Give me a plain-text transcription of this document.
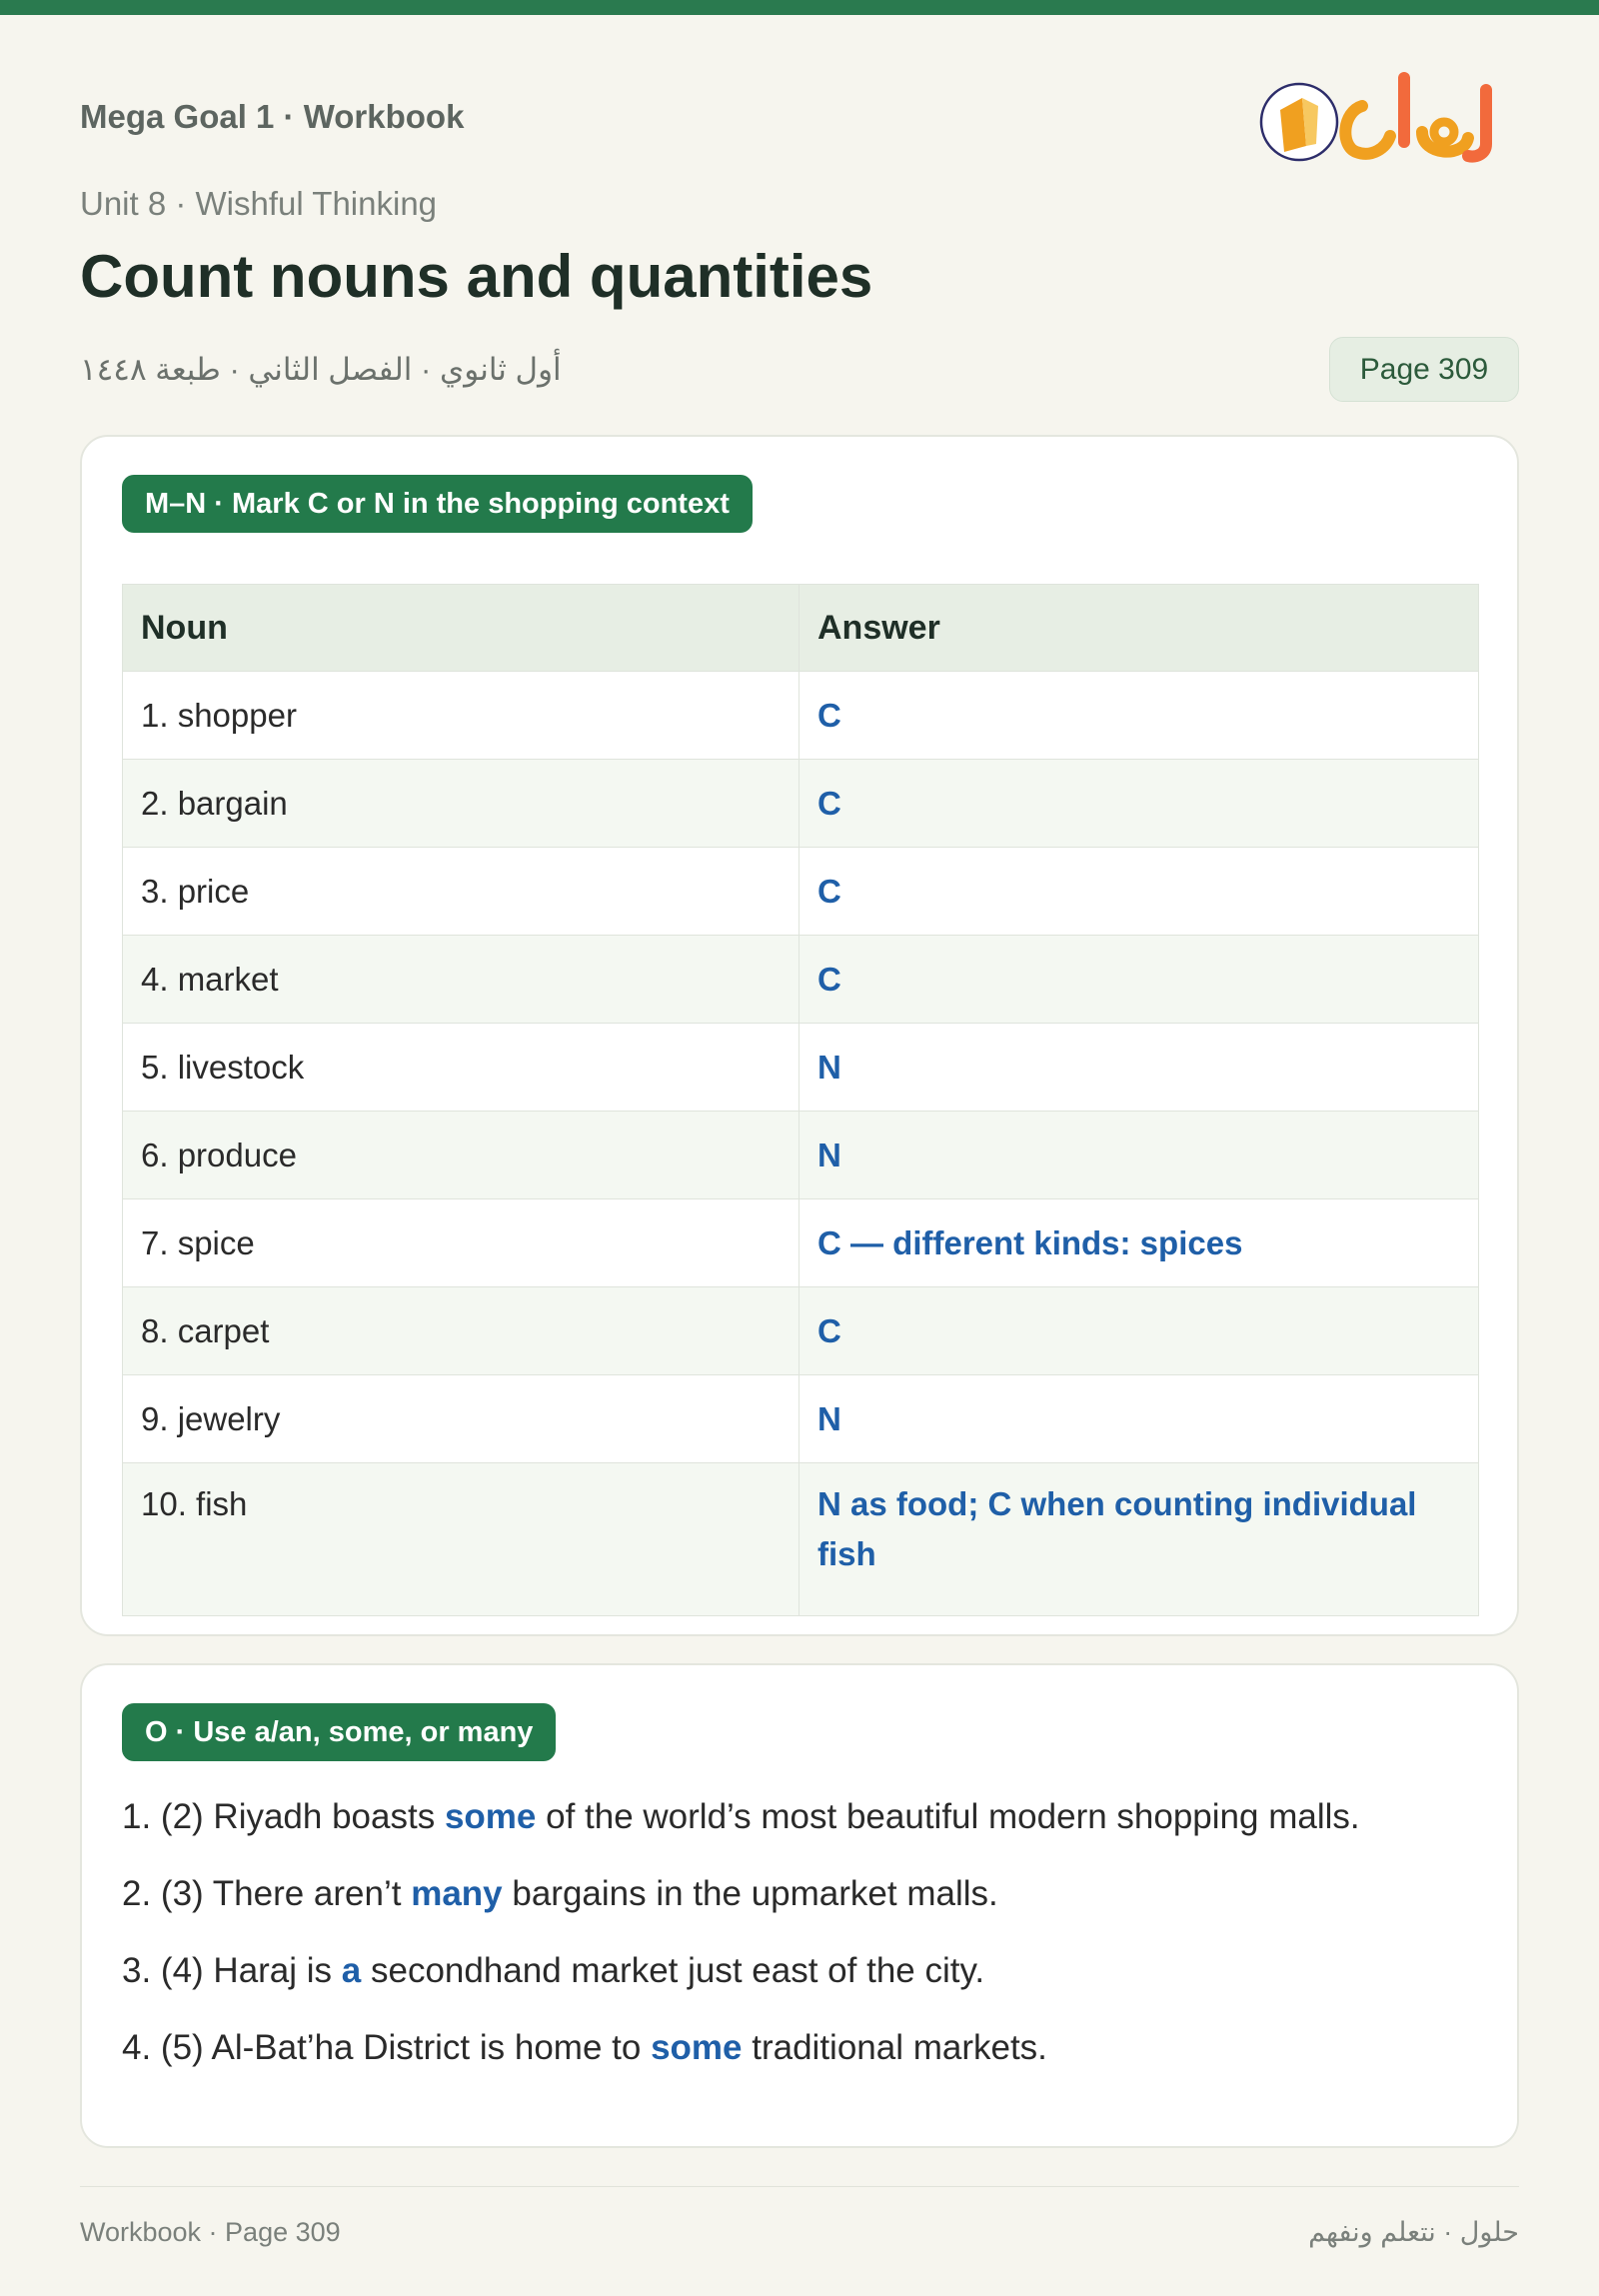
Mega Goal 1 · Workbook
Unit 8 · Wishful Thinking
Count nouns and quantities
أول ثانوي · الفصل الثاني · طبعة ١٤٤٨	Page 309
M–N · Mark C or N in the shopping context
Noun	Answer
1. shopper	C
2. bargain	C
3. price	C
4. market	C
5. livestock	N
6. produce	N
7. spice	C — different kinds: spices
8. carpet	C
9. jewelry	N
10. fish	N as food; C when counting individual fish
O · Use a/an, some, or many
1. (2) Riyadh boasts some of the world’s most beautiful modern shopping malls.
2. (3) There aren’t many bargains in the upmarket malls.
3. (4) Haraj is a secondhand market just east of the city.
4. (5) Al-Bat’ha District is home to some traditional markets.
Workbook · Page 309	حلول · نتعلم ونفهم
